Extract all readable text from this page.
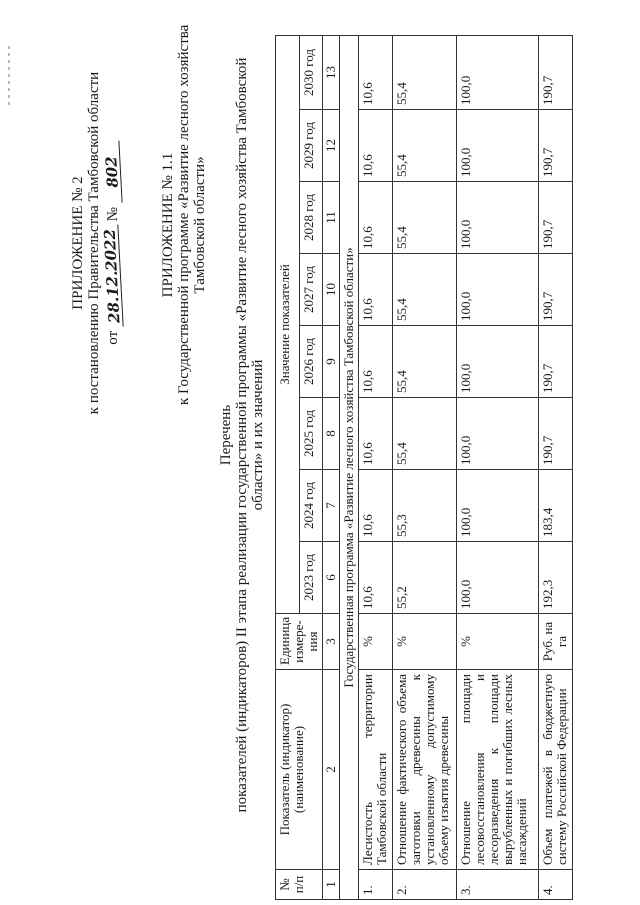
ПРИЛОЖЕНИЕ № 2 к постановлению Правительства Тамбовской области от 28.12.2022 № 802	ПРИЛОЖЕНИЕ № 1.1 к Государственной программе «Развитие лесного хозяйства Тамбовской области»
Перечень показателей (индикаторов) II этапа реализации государственной программы «Развитие лесного хозяйства Тамбовской области» и их значений
№ п/п	Показатель (индикатор) (наименование)	Единица измере-ния	Значение показателей							
			2023 год	2024 год	2025 год	2026 год	2027 год	2028 год	2029 год	2030 год
1	2	3	6	7	8	9	10	11	12	13
Государственная программа «Развитие лесного хозяйства Тамбовской области»										
1.	Лесистость территории Тамбовской области	%	10,6	10,6	10,6	10,6	10,6	10,6	10,6	10,6
2.	Отношение фактического объема заготовки древесины к установленному допустимому объему изъятия древесины	%	55,2	55,3	55,4	55,4	55,4	55,4	55,4	55,4
3.	Отношение площади лесовосстановления и лесоразведения к площади вырубленных и погибших лесных насаждений	%	100,0	100,0	100,0	100,0	100,0	100,0	100,0	100,0
4.	Объем платежей в бюджетную систему Российской Федерации	Руб. на га	192,3	183,4	190,7	190,7	190,7	190,7	190,7	190,7
